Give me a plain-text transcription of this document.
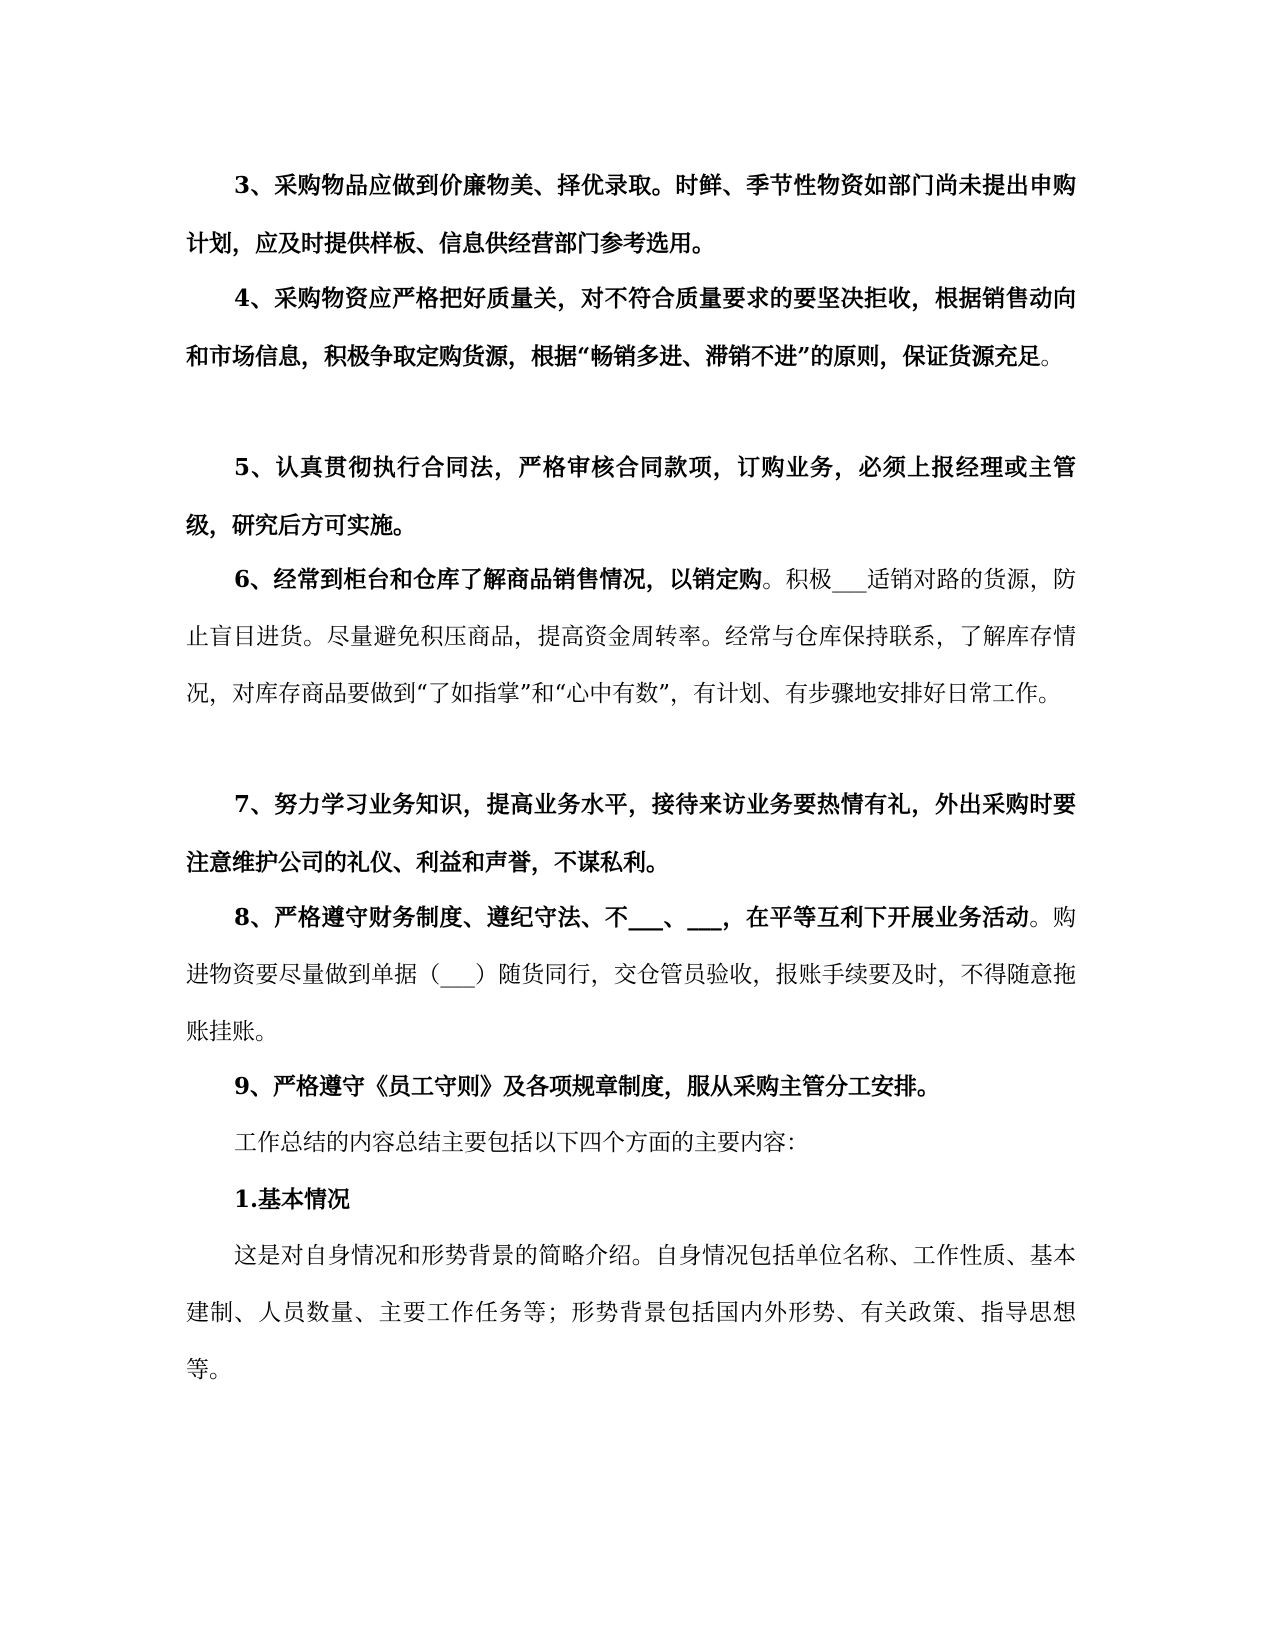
3、采购物品应做到价廉物美、择优录取。时鲜、季节性物资如部门尚未提出申购计划，应及时提供样板、信息供经营部门参考选用。

4、采购物资应严格把好质量关，对不符合质量要求的要坚决拒收，根据销售动向和市场信息，积极争取定购货源，根据“畅销多进、滞销不进”的原则，保证货源充足。

5、认真贯彻执行合同法，严格审核合同款项，订购业务，必须上报经理或主管级，研究后方可实施。

6、经常到柜台和仓库了解商品销售情况，以销定购。积极___适销对路的货源，防止盲目进货。尽量避免积压商品，提高资金周转率。经常与仓库保持联系，了解库存情况，对库存商品要做到“了如指掌”和“心中有数”，有计划、有步骤地安排好日常工作。

7、努力学习业务知识，提高业务水平，接待来访业务要热情有礼，外出采购时要注意维护公司的礼仪、利益和声誉，不谋私利。

8、严格遵守财务制度、遵纪守法、不___、___，在平等互利下开展业务活动。购进物资要尽量做到单据（___）随货同行，交仓管员验收，报账手续要及时，不得随意拖账挂账。

9、严格遵守《员工守则》及各项规章制度，服从采购主管分工安排。

工作总结的内容总结主要包括以下四个方面的主要内容：

1.基本情况

这是对自身情况和形势背景的简略介绍。自身情况包括单位名称、工作性质、基本建制、人员数量、主要工作任务等；形势背景包括国内外形势、有关政策、指导思想等。
